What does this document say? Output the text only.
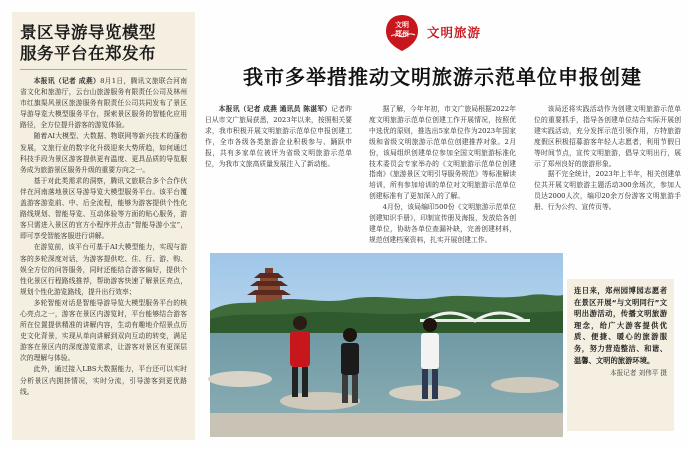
景区导游导览模型
服务平台在郑发布

本报讯（记者 成燕）8月1日，腾讯文旅联合河南省文化和旅游厅，云台山旅游服务有限责任公司及林州市红旗渠风景区旅游服务有限责任公司共同发布了景区导游导览大模型服务平台，探索景区服务的智能化应用路径，全方位提升游客的游览体验。

随着AI大模型、大数据、物联网等新兴技术的蓬勃发展，文旅行业的数字化升级迎来大势所趋，如何通过科技手段为景区游客提供更有温度、更具品质的导览服务成为旅游景区服务升级的重要方向之一。

基于对此类需求的洞察，腾讯文旅联合多个合作伙伴在河南落地景区导游导览大模型服务平台。该平台覆盖游客游览前、中、后全流程，能够为游客提供个性化路线规划、智能导览、互动体验等方面的贴心服务，游客只需进入景区的官方小程序并点击“智能导游小宝”，即可享受智能客服进行讲解。

在游览前，该平台可基于AI大模型能力，实现与游客的多轮深度对话，为游客提供吃、住、行、游、购、娱全方位的问答服务，同时还能结合游客偏好，提供个性化景区行程路线推荐，帮助游客快速了解景区亮点，规划个性化游览路线，提升出行效率；

多轮智能对话是智能导游导览大模型服务平台的核心亮点之一，游客在景区内游览时，平台能够结合游客所在位置提供精准的讲解内容，生动有趣地介绍景点历史文化背景，实现从单向讲解到双向互动的转变，满足游客在景区内的深度游览需求，让游客对景区有更深层次的理解与体验。

此外，通过接入LBS大数据能力，平台还可以实时分析景区内拥挤情况，实时分流，引导游客到更优路线。

文明
郑州	文明旅游
我市多举措推动文明旅游示范单位申报创建

本报讯（记者 成燕 通讯员 陈湛军）记者昨日从市文广旅局获悉，2023年以来，按照相关要求，我市积极开展文明旅游示范单位申报创建工作，全市各级各类旅游企业积极参与、踊跃申报，共有多家单位被评为省级文明旅游示范单位，为我市文旅高质量发展注入了新动能。

据了解，今年年初，市文广旅局根据2022年度文明旅游示范单位创建工作开展情况，按照优中选优的原则，推选出5家单位作为2023年国家级和省级文明旅游示范单位创建推荐对象。2月份，该局组织创建单位参加全国文明旅游标准化技术委员会专家举办的《文明旅游示范单位创建指南》《旅游景区文明引导服务规范》等标准解读培训，所有参加培训的单位对文明旅游示范单位创建标准有了更加深入的了解。

4月份，该局编印500份《文明旅游示范单位创建知识手册》，印制宣传册及海报，发放给各创建单位，协助各单位查漏补缺，完善创建材料，规范创建档案资料，扎实开展创建工作。

该局还将实践活动作为创建文明旅游示范单位的重要抓手，指导各创建单位结合实际开展创建实践活动，充分发挥示范引领作用，方特旅游度假区积极招募游客年轻人志愿者，利用节假日等时间节点，宣传文明旅游，倡导文明出行，展示了郑州良好的旅游形象。

据不完全统计，2023年上半年，相关创建单位共开展文明旅游主题活动300余场次，参加人员达2000人次，编印20余万份游客文明旅游手册、行为公约、宣传页等。

连日来，郑州园博园志愿者在景区开展“与文明同行”文明出游活动，传播文明旅游理念，给广大游客提供优质、便捷、暖心的旅游服务，努力营造整洁、和谐、温馨、文明的旅游环境。
本报记者 刘伟平 摄
